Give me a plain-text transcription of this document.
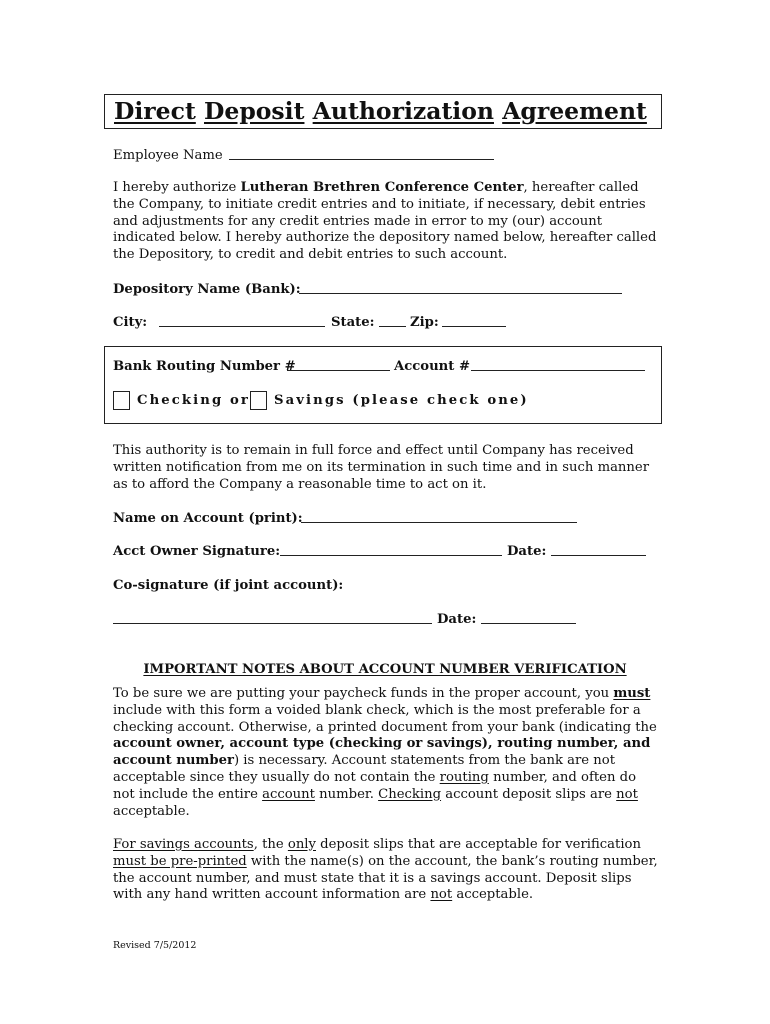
Direct Deposit Authorization Agreement
Employee Name
I hereby authorize Lutheran Brethren Conference Center, hereafter called the Company, to initiate credit entries and to initiate, if necessary, debit entries and adjustments for any credit entries made in error to my (our) account indicated below. I hereby authorize the depository named below, hereafter called the Depository, to credit and debit entries to such account.
Depository Name (Bank):
City:	State:	Zip:
Bank Routing Number #	Account #
Checking or Savings (please check one)
This authority is to remain in full force and effect until Company has received written notification from me on its termination in such time and in such manner as to afford the Company a reasonable time to act on it.
Name on Account (print):
Acct Owner Signature:	Date:
Co-signature (if joint account):
Date:
IMPORTANT NOTES ABOUT ACCOUNT NUMBER VERIFICATION
To be sure we are putting your paycheck funds in the proper account, you must include with this form a voided blank check, which is the most preferable for a checking account. Otherwise, a printed document from your bank (indicating the account owner, account type (checking or savings), routing number, and account number) is necessary. Account statements from the bank are not acceptable since they usually do not contain the routing number, and often do not include the entire account number. Checking account deposit slips are not acceptable.
For savings accounts, the only deposit slips that are acceptable for verification must be pre-printed with the name(s) on the account, the bank’s routing number, the account number, and must state that it is a savings account. Deposit slips with any hand written account information are not acceptable.
Revised 7/5/2012
